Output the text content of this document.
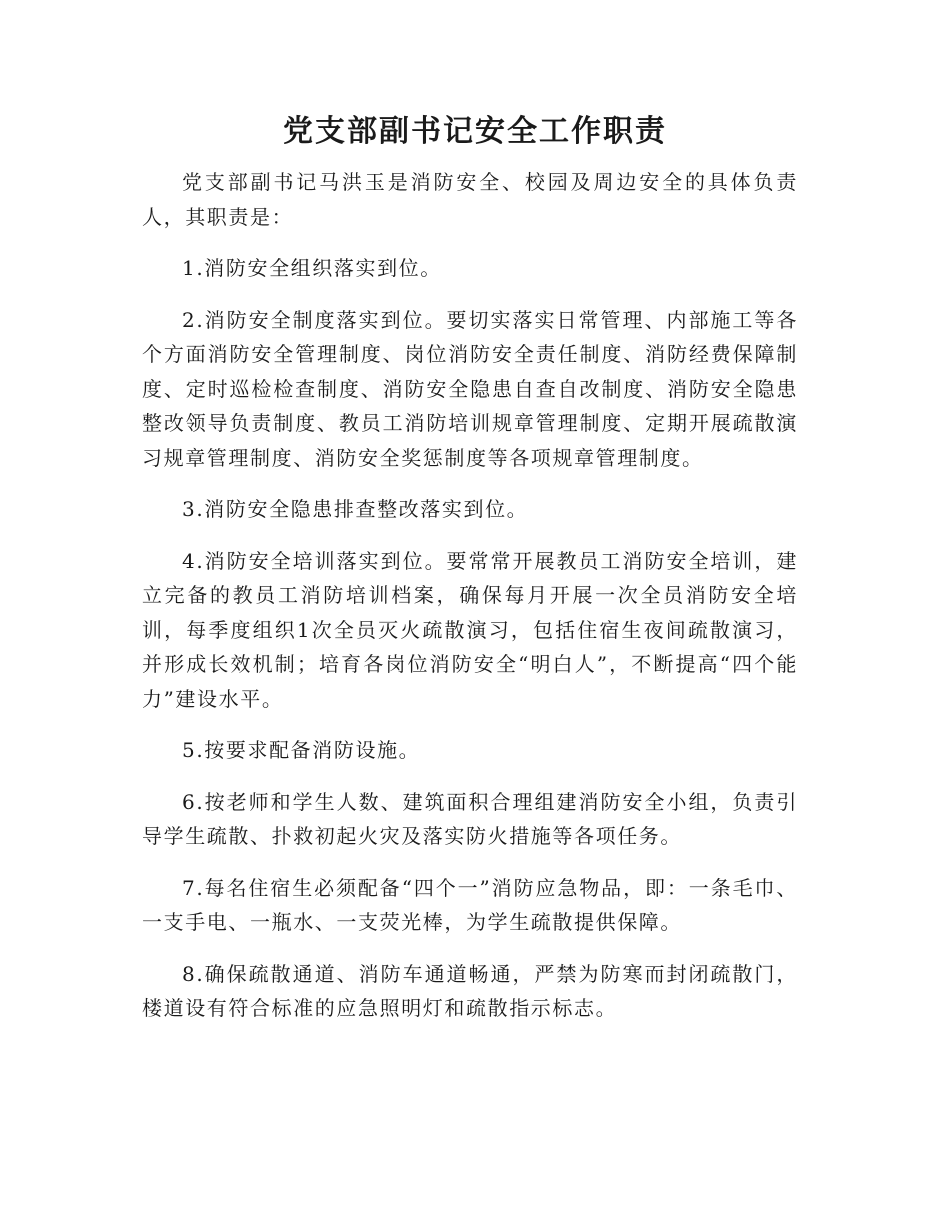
党支部副书记安全工作职责

党支部副书记马洪玉是消防安全、校园及周边安全的具体负责人，其职责是：

1.消防安全组织落实到位。

2.消防安全制度落实到位。要切实落实日常管理、内部施工等各个方面消防安全管理制度、岗位消防安全责任制度、消防经费保障制度、定时巡检检查制度、消防安全隐患自查自改制度、消防安全隐患整改领导负责制度、教员工消防培训规章管理制度、定期开展疏散演习规章管理制度、消防安全奖惩制度等各项规章管理制度。

3.消防安全隐患排查整改落实到位。

4.消防安全培训落实到位。要常常开展教员工消防安全培训，建立完备的教员工消防培训档案，确保每月开展一次全员消防安全培训，每季度组织1次全员灭火疏散演习，包括住宿生夜间疏散演习，并形成长效机制；培育各岗位消防安全“明白人”，不断提高“四个能力”建设水平。

5.按要求配备消防设施。

6.按老师和学生人数、建筑面积合理组建消防安全小组，负责引导学生疏散、扑救初起火灾及落实防火措施等各项任务。

7.每名住宿生必须配备“四个一”消防应急物品，即：一条毛巾、一支手电、一瓶水、一支荧光棒，为学生疏散提供保障。

8.确保疏散通道、消防车通道畅通，严禁为防寒而封闭疏散门，楼道设有符合标准的应急照明灯和疏散指示标志。
